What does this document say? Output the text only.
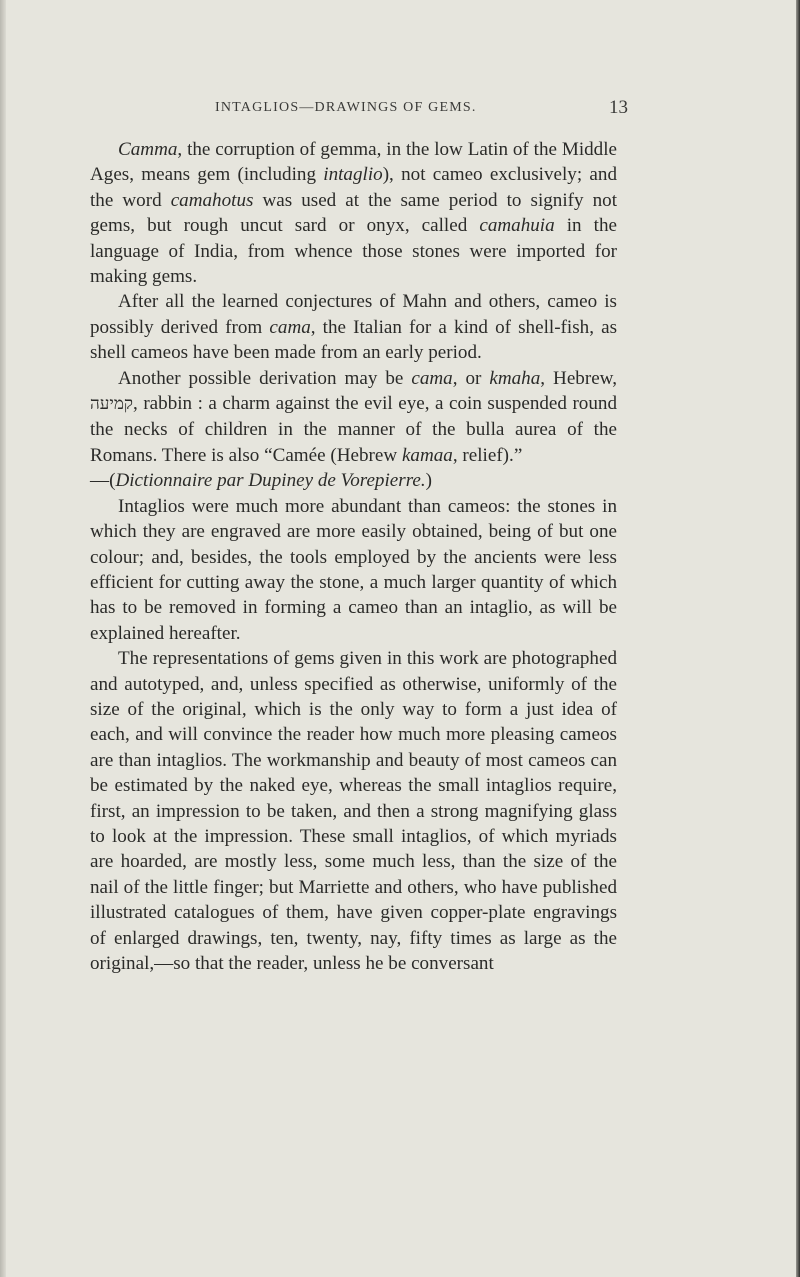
INTAGLIOS—DRAWINGS OF GEMS.	13

Camma, the corruption of gemma, in the low Latin of the Middle Ages, means gem (including intaglio), not cameo exclusively; and the word camahotus was used at the same period to signify not gems, but rough uncut sard or onyx, called camahuia in the language of India, from whence those stones were imported for making gems.

After all the learned conjectures of Mahn and others, cameo is possibly derived from cama, the Italian for a kind of shell-fish, as shell cameos have been made from an early period.

Another possible derivation may be cama, or kmaha, Hebrew, קמיעה, rabbin : a charm against the evil eye, a coin suspended round the necks of children in the manner of the bulla aurea of the Romans. There is also “Camée (Hebrew kamaa, relief).”

—(Dictionnaire par Dupiney de Vorepierre.)

Intaglios were much more abundant than cameos: the stones in which they are engraved are more easily obtained, being of but one colour; and, besides, the tools employed by the ancients were less efficient for cutting away the stone, a much larger quantity of which has to be removed in forming a cameo than an intaglio, as will be explained hereafter.

The representations of gems given in this work are photographed and autotyped, and, unless specified as otherwise, uniformly of the size of the original, which is the only way to form a just idea of each, and will convince the reader how much more pleasing cameos are than intaglios. The workmanship and beauty of most cameos can be estimated by the naked eye, whereas the small intaglios require, first, an impression to be taken, and then a strong magnifying glass to look at the impression. These small intaglios, of which myriads are hoarded, are mostly less, some much less, than the size of the nail of the little finger; but Marriette and others, who have published illustrated catalogues of them, have given copper-plate engravings of enlarged drawings, ten, twenty, nay, fifty times as large as the original,—so that the reader, unless he be conversant
